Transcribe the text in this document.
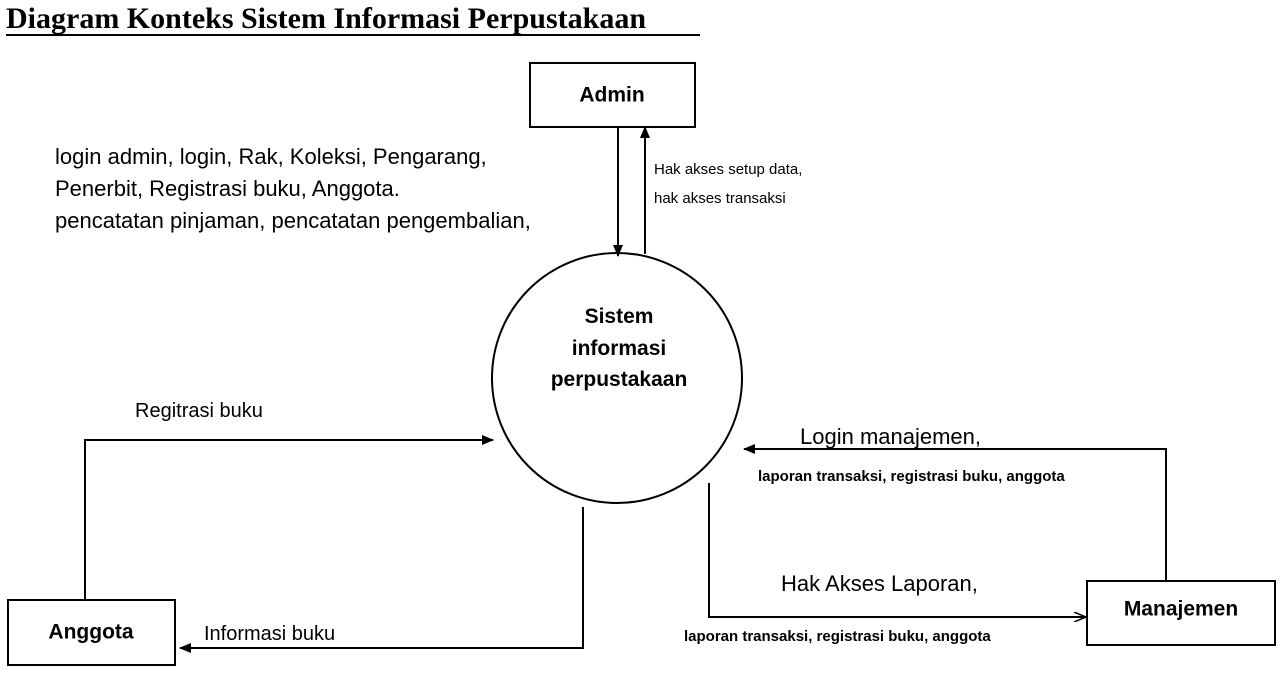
Diagram Konteks Sistem Informasi Perpustakaan
Admin
Sistem
informasi
perpustakaan
Anggota
Manajemen
login admin, login, Rak, Koleksi, Pengarang,
Penerbit, Registrasi buku, Anggota.
pencatatan pinjaman, pencatatan pengembalian,
Hak akses setup data,
hak akses transaksi
Regitrasi buku
Informasi buku
Login manajemen,
laporan transaksi, registrasi buku, anggota
Hak Akses Laporan,
laporan transaksi, registrasi buku, anggota
